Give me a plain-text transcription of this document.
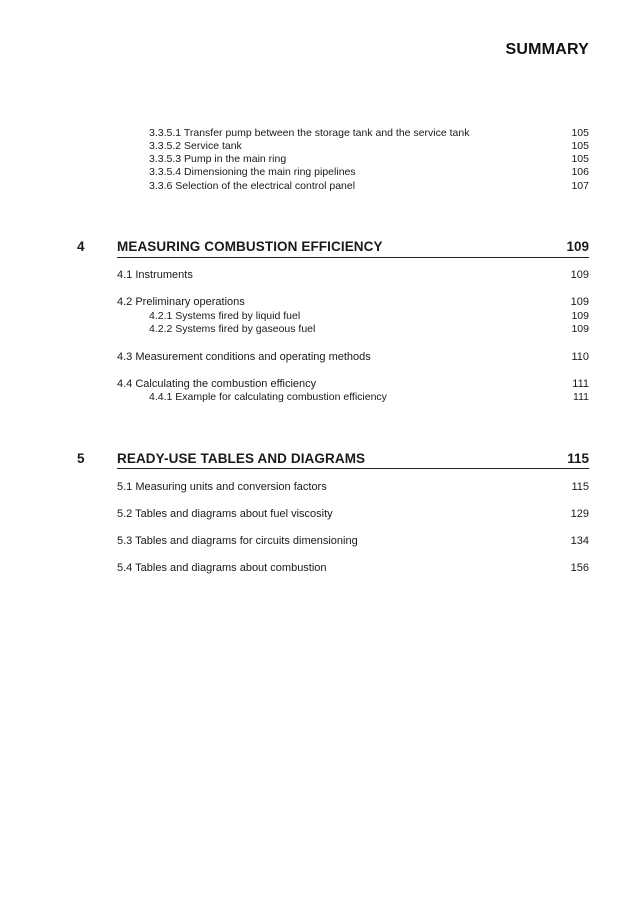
SUMMARY
3.3.5.1 Transfer pump between the storage tank and the service tank	105
3.3.5.2 Service tank	105
3.3.5.3 Pump in the main ring	105
3.3.5.4 Dimensioning the main ring pipelines	106
3.3.6 Selection of the electrical control panel	107
4 MEASURING COMBUSTION EFFICIENCY	109
4.1 Instruments	109
4.2 Preliminary operations	109
4.2.1 Systems fired by liquid fuel	109
4.2.2 Systems fired by gaseous fuel	109
4.3 Measurement conditions and operating methods	110
4.4 Calculating the combustion efficiency	111
4.4.1 Example for calculating combustion efficiency	111
5 READY-USE TABLES AND DIAGRAMS	115
5.1 Measuring units and conversion factors	115
5.2 Tables and diagrams about fuel viscosity	129
5.3 Tables and diagrams for circuits dimensioning	134
5.4 Tables and diagrams about combustion	156
